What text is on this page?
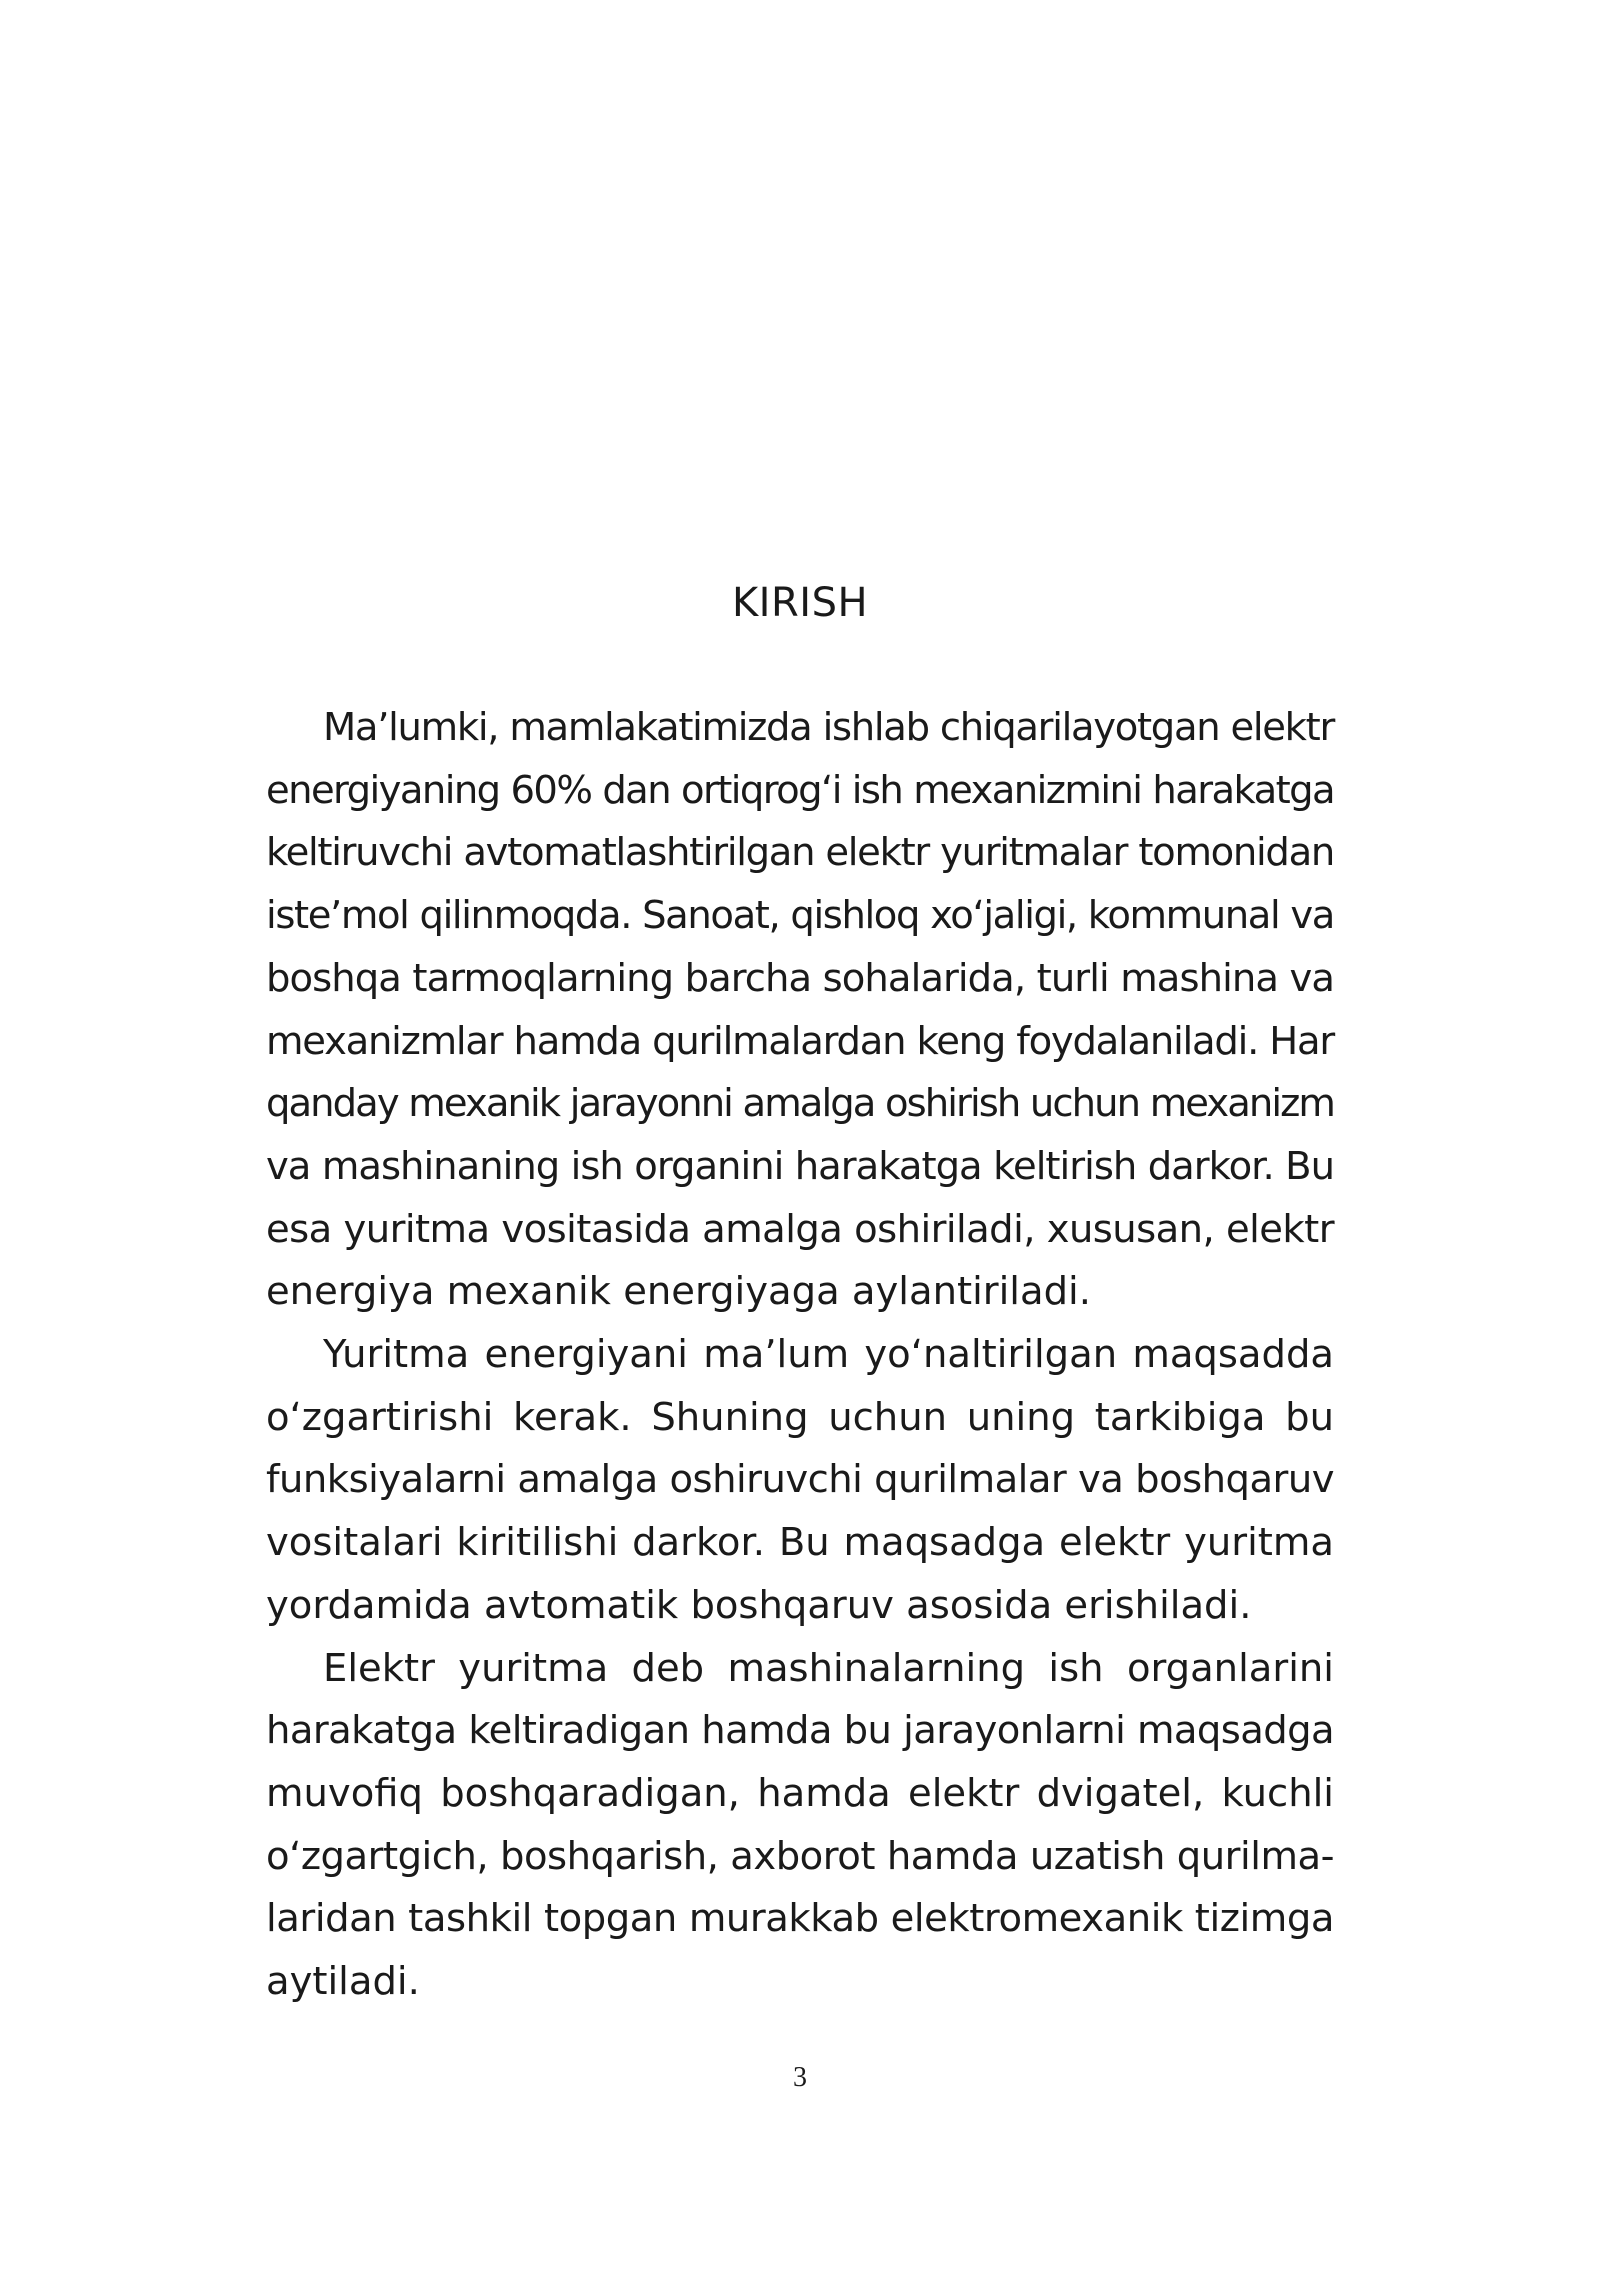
KIRISH
Ma’lumki, mamlakatimizda ishlab chiqarilayotgan elektr
energiyaning 60% dan ortiqrog‘i ish mexanizmini harakatga
keltiruvchi avtomatlashtirilgan elektr yuritmalar tomonidan
iste’mol qilinmoqda. Sanoat, qishloq xo‘jaligi, kommunal va
boshqa tarmoqlarning barcha sohalarida, turli mashina va
mexanizmlar hamda qurilmalardan keng foydalaniladi. Har
qanday mexanik jarayonni amalga oshirish uchun mexanizm
va mashinaning ish organini harakatga keltirish darkor. Bu
esa yuritma vositasida amalga oshiriladi, xususan, elektr
energiya mexanik energiyaga aylantiriladi.
Yuritma energiyani ma’lum yo‘naltirilgan maqsadda
o‘zgartirishi kerak. Shuning uchun uning tarkibiga bu
funksiyalarni amalga oshiruvchi qurilmalar va boshqaruv
vositalari kiritilishi darkor. Bu maqsadga elektr yuritma
yordamida avtomatik boshqaruv asosida erishiladi.
Elektr yuritma deb mashinalarning ish organlarini
harakatga keltiradigan hamda bu jarayonlarni maqsadga
muvofiq boshqaradigan, hamda elektr dvigatel, kuchli
o‘zgartgich, boshqarish, axborot hamda uzatish qurilma-
laridan tashkil topgan murakkab elektromexanik tizimga
aytiladi.
3
